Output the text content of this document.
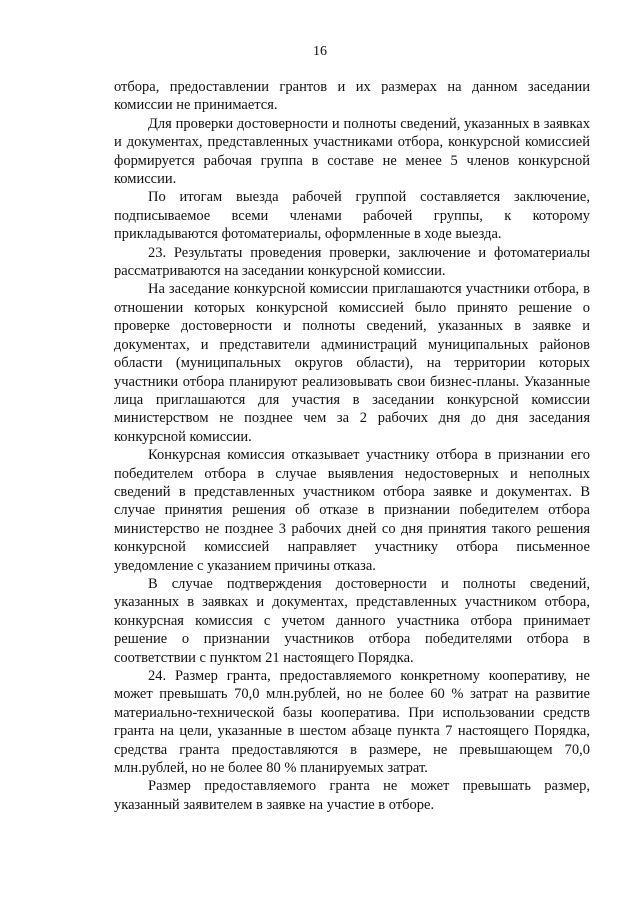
16

отбора, предоставлении грантов и их размерах на данном заседании комиссии не принимается.

Для проверки достоверности и полноты сведений, указанных в заявках и документах, представленных участниками отбора, конкурсной комиссией формируется рабочая группа в составе не менее 5 членов конкурсной комиссии.

По итогам выезда рабочей группой составляется заключение, подписываемое всеми членами рабочей группы, к которому прикладываются фотоматериалы, оформленные в ходе выезда.

23. Результаты проведения проверки, заключение и фотоматериалы рассматриваются на заседании конкурсной комиссии.

На заседание конкурсной комиссии приглашаются участники отбора, в отношении которых конкурсной комиссией было принято решение о проверке достоверности и полноты сведений, указанных в заявке и документах, и представители администраций муниципальных районов области (муниципальных округов области), на территории которых участники отбора планируют реализовывать свои бизнес-планы. Указанные лица приглашаются для участия в заседании конкурсной комиссии министерством не позднее чем за 2 рабочих дня до дня заседания конкурсной комиссии.

Конкурсная комиссия отказывает участнику отбора в признании его победителем отбора в случае выявления недостоверных и неполных сведений в представленных участником отбора заявке и документах. В случае принятия решения об отказе в признании победителем отбора министерство не позднее 3 рабочих дней со дня принятия такого решения конкурсной комиссией направляет участнику отбора письменное уведомление с указанием причины отказа.

В случае подтверждения достоверности и полноты сведений, указанных в заявках и документах, представленных участником отбора, конкурсная комиссия с учетом данного участника отбора принимает решение о признании участников отбора победителями отбора в соответствии с пунктом 21 настоящего Порядка.

24. Размер гранта, предоставляемого конкретному кооперативу, не может превышать 70,0 млн.рублей, но не более 60 % затрат на развитие материально-технической базы кооператива. При использовании средств гранта на цели, указанные в шестом абзаце пункта 7 настоящего Порядка, средства гранта предоставляются в размере, не превышающем 70,0 млн.рублей, но не более 80 % планируемых затрат.

Размер предоставляемого гранта не может превышать размер, указанный заявителем в заявке на участие в отборе.
